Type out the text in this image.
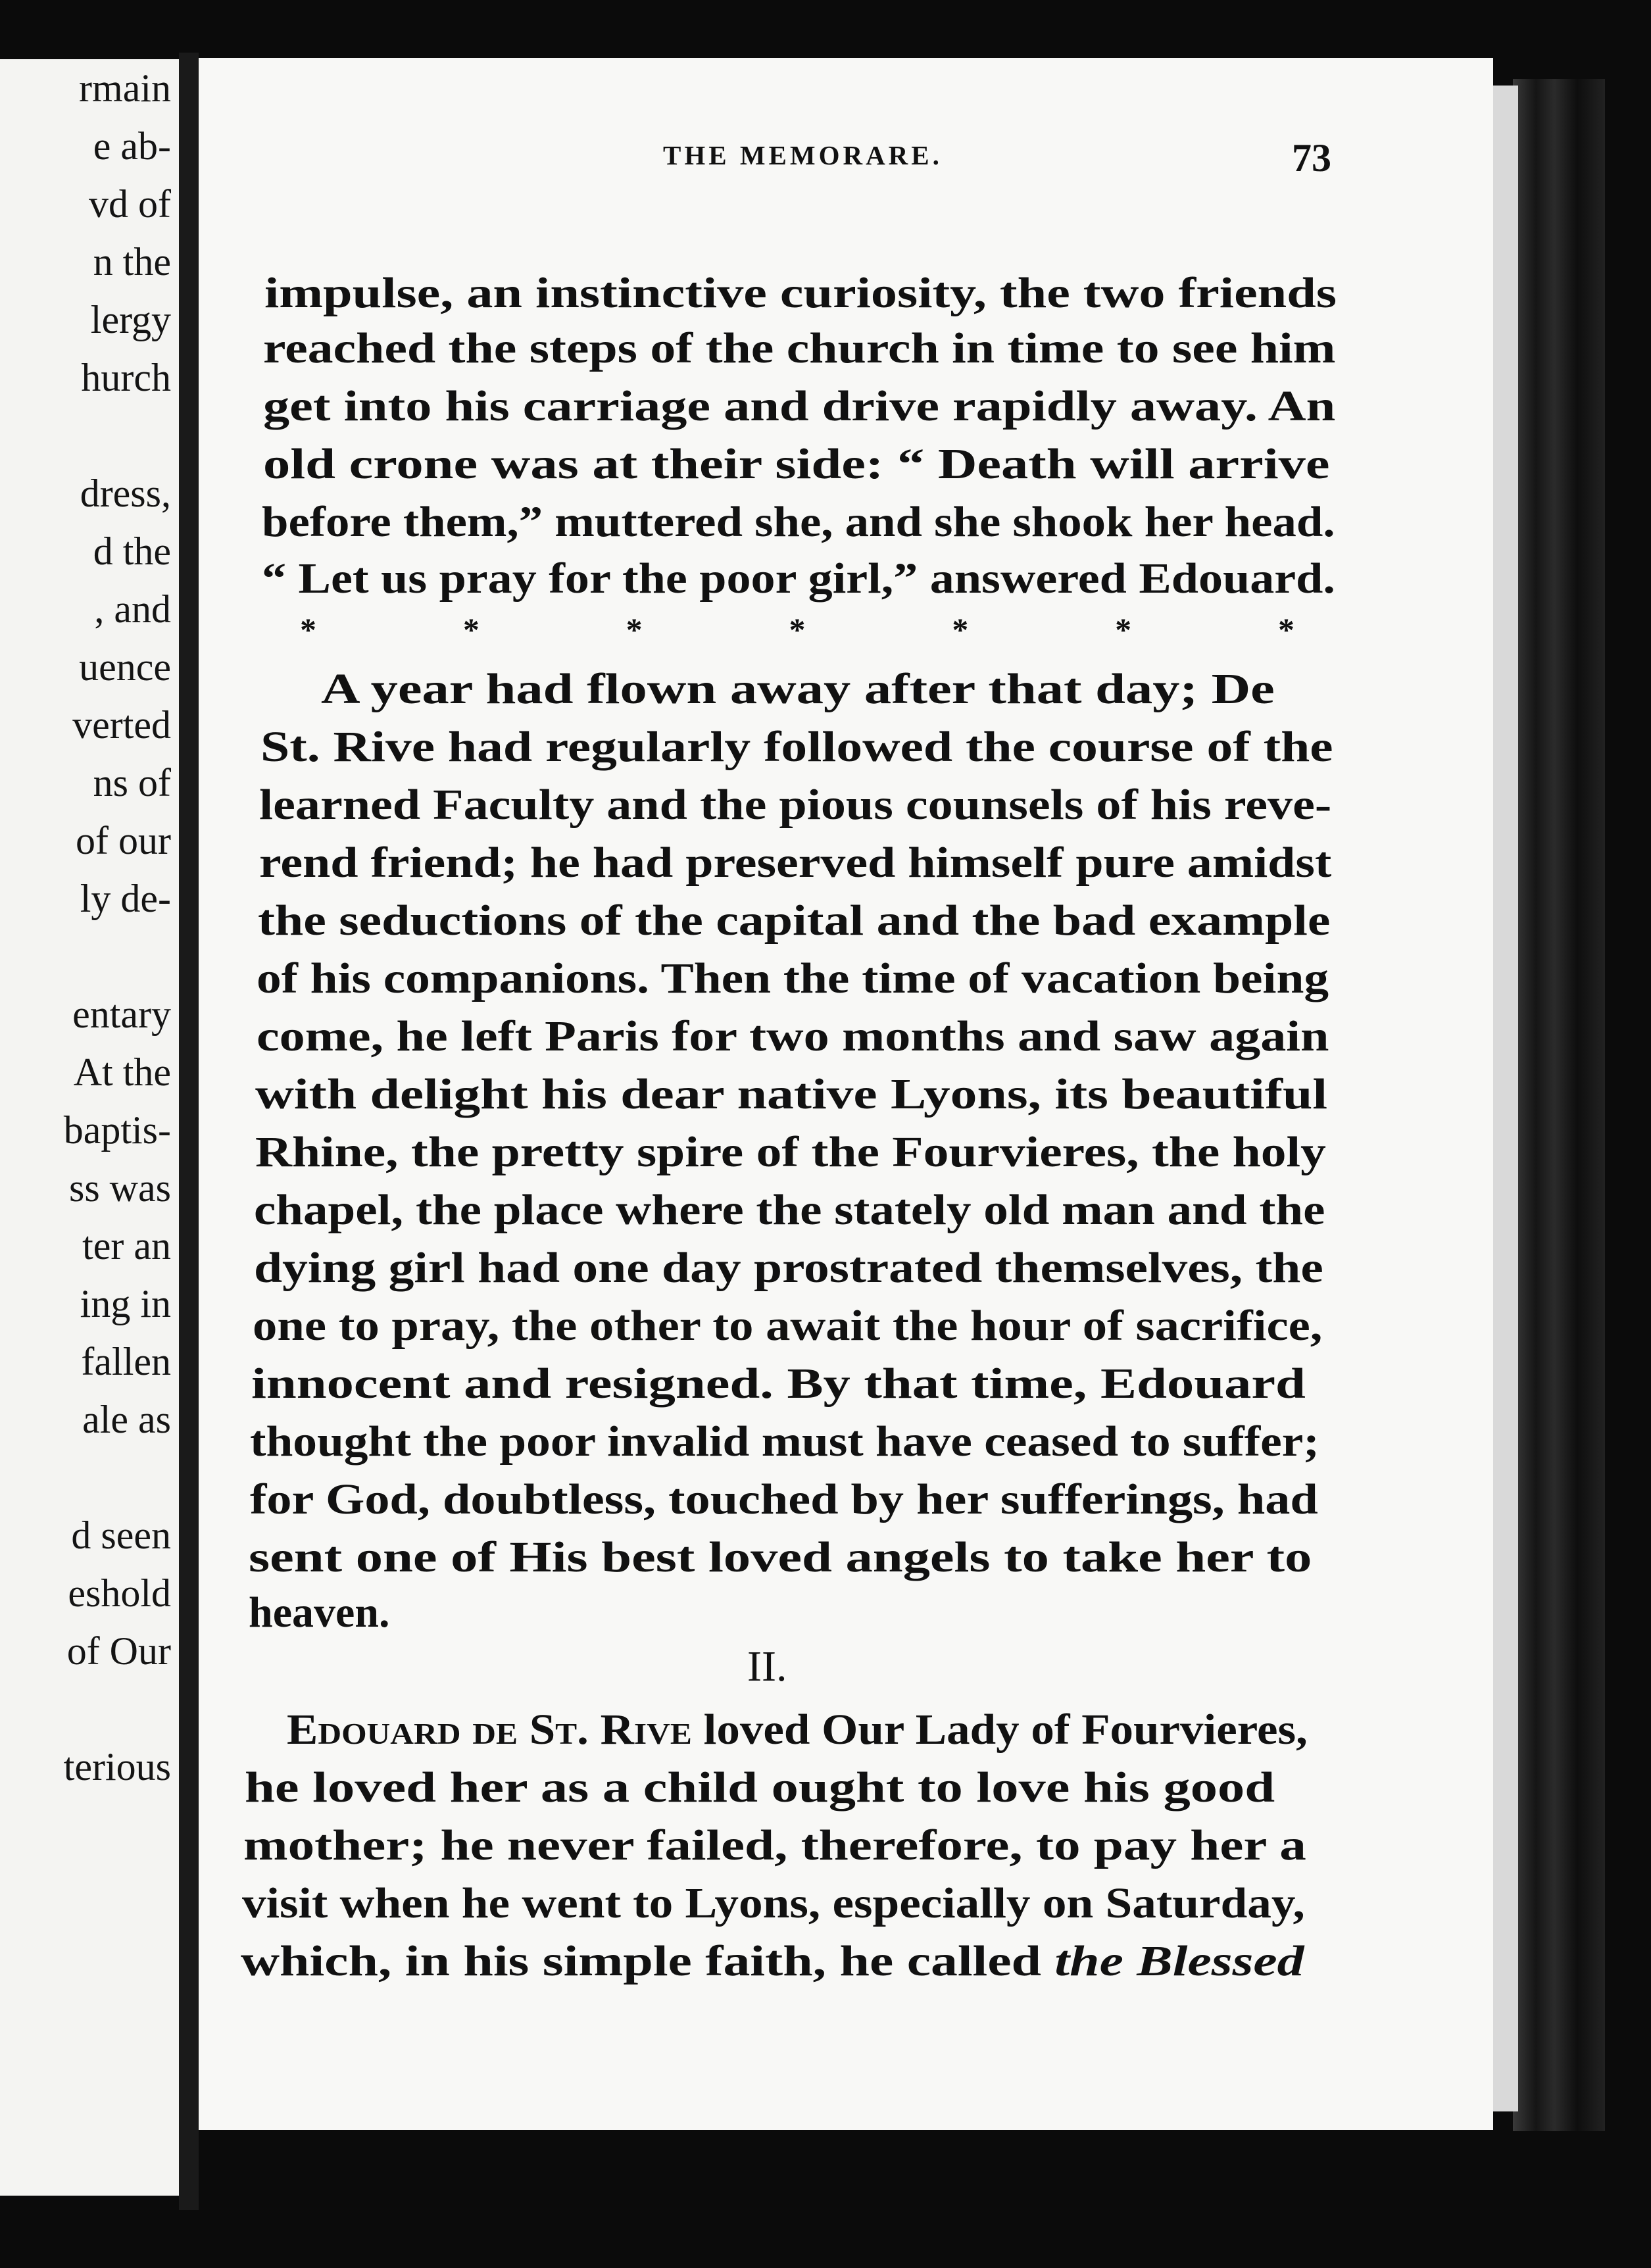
rmain
e ab-
vd of
n the
lergy
hurch

dress,
d the
, and
uence
verted
ns of
of our
ly de-

entary
At the
baptis-
ss was
ter an
ing in
fallen
ale as

d seen
eshold
of Our

terious
THE MEMORARE.	73
impulse, an instinctive curiosity, the two friends
reached the steps of the church in time to see him
get into his carriage and drive rapidly away. An
old crone was at their side: “ Death will arrive
before them,” muttered she, and she shook her head.
“ Let us pray for the poor girl,” answered Edouard.
*	*	*	*	*	*	*
A year had flown away after that day; De
St. Rive had regularly followed the course of the
learned Faculty and the pious counsels of his reve-
rend friend; he had preserved himself pure amidst
the seductions of the capital and the bad example
of his companions. Then the time of vacation being
come, he left Paris for two months and saw again
with delight his dear native Lyons, its beautiful
Rhine, the pretty spire of the Fourvieres, the holy
chapel, the place where the stately old man and the
dying girl had one day prostrated themselves, the
one to pray, the other to await the hour of sacrifice,
innocent and resigned. By that time, Edouard
thought the poor invalid must have ceased to suffer;
for God, doubtless, touched by her sufferings, had
sent one of His best loved angels to take her to
heaven.
II.
Edouard de St. Rive loved Our Lady of Fourvieres,
he loved her as a child ought to love his good
mother; he never failed, therefore, to pay her a
visit when he went to Lyons, especially on Saturday,
which, in his simple faith, he called the Blessed
